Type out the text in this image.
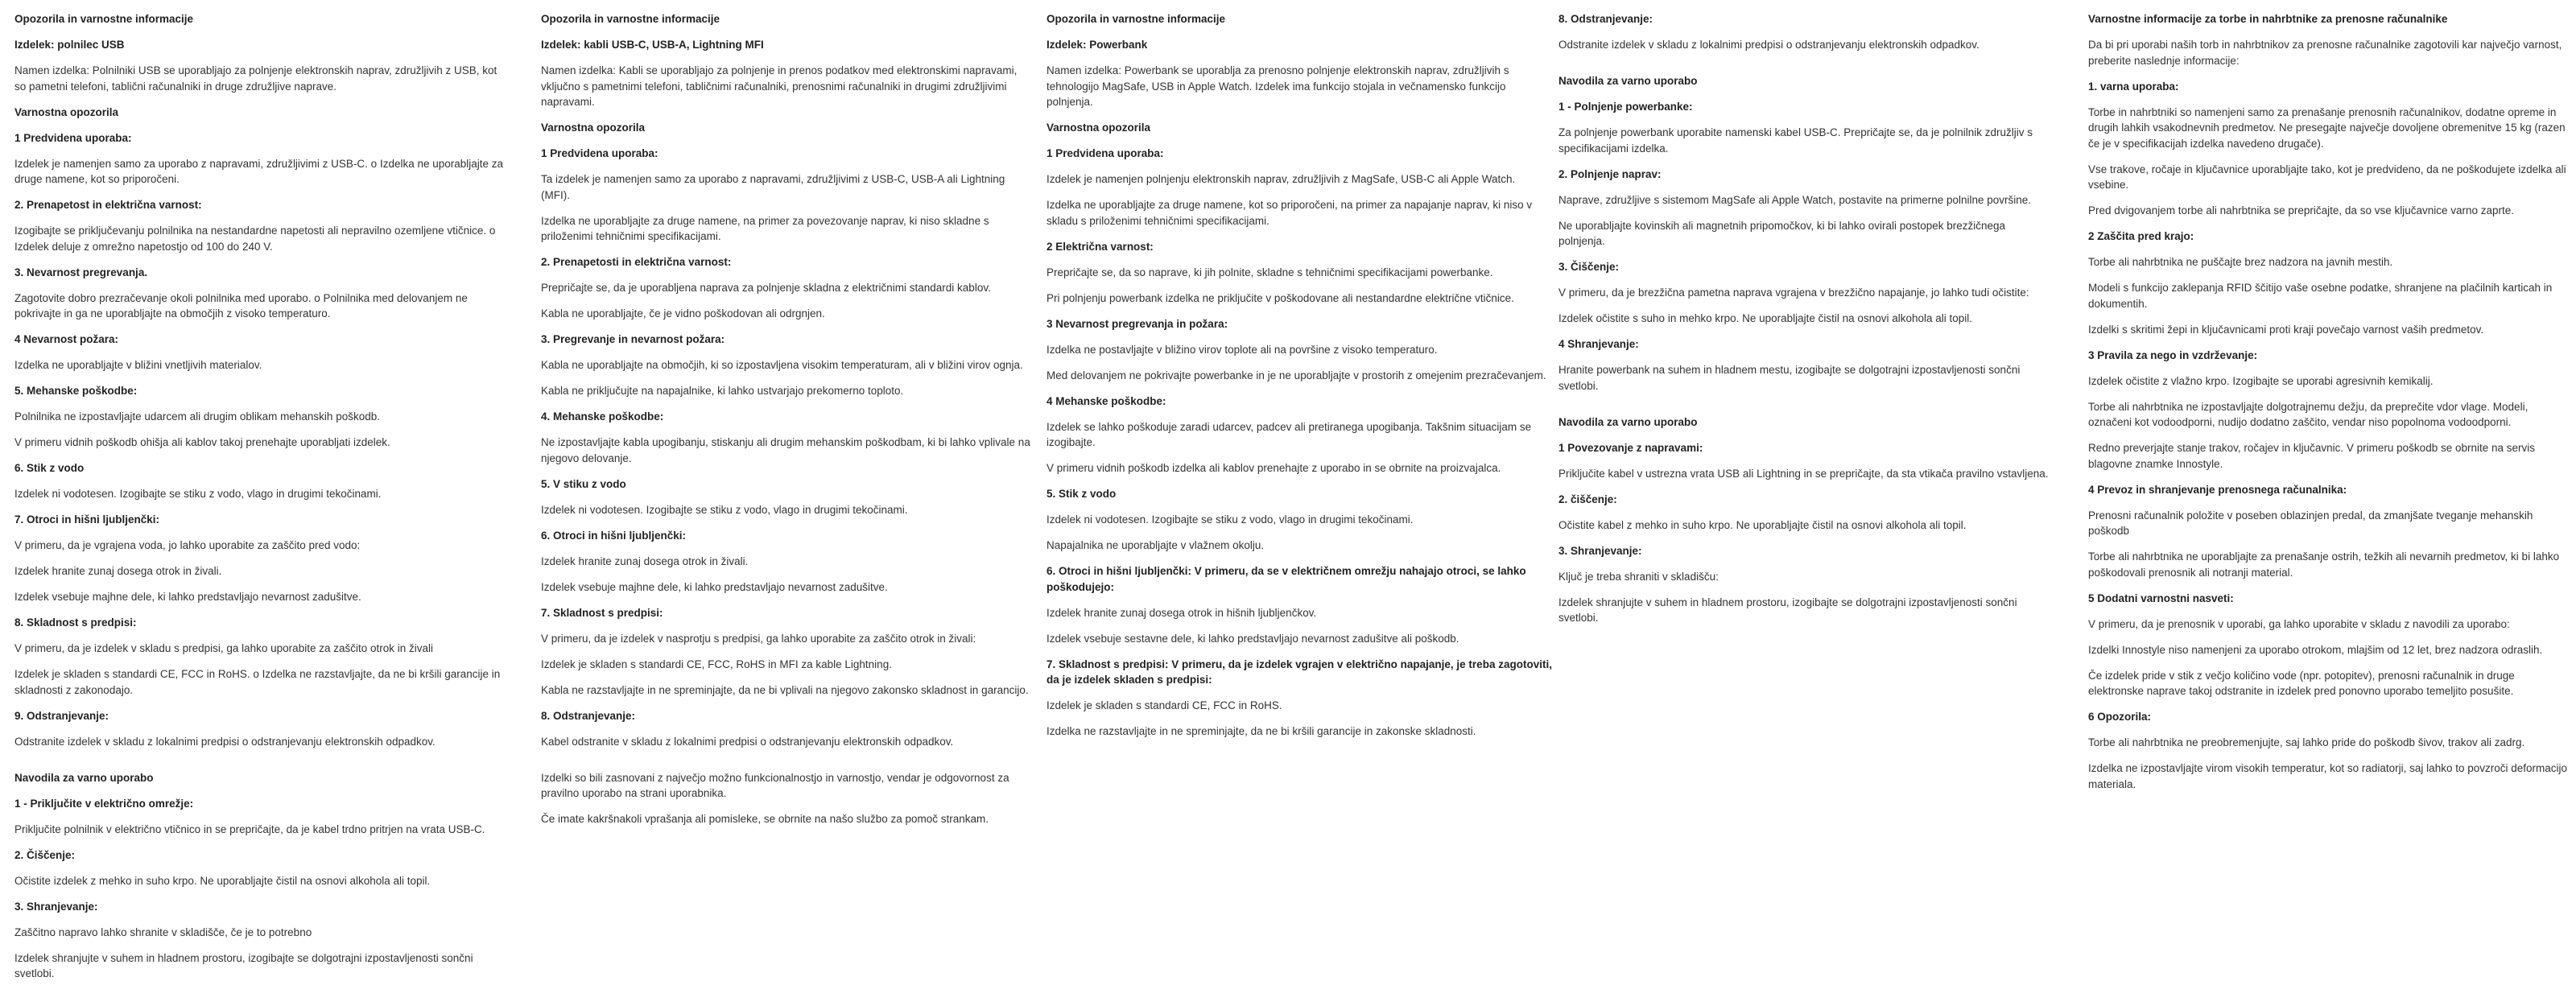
Opozorila in varnostne informacije
Izdelek: polnilec USB

Namen izdelka: Polnilniki USB se uporabljajo za polnjenje elektronskih naprav, združljivih z USB, kot so pametni telefoni, tablični računalniki in druge združljive naprave.

Varnostna opozorila
1 Predvidena uporaba:

Izdelek je namenjen samo za uporabo z napravami, združljivimi z USB-C. o Izdelka ne uporabljajte za druge namene, kot so priporočeni.

2. Prenapetost in električna varnost:

Izogibajte se priključevanju polnilnika na nestandardne napetosti ali nepravilno ozemljene vtičnice. o Izdelek deluje z omrežno napetostjo od 100 do 240 V.

3. Nevarnost pregrevanja.

Zagotovite dobro prezračevanje okoli polnilnika med uporabo. o Polnilnika med delovanjem ne pokrivajte in ga ne uporabljajte na območjih z visoko temperaturo.

4 Nevarnost požara:

Izdelka ne uporabljajte v bližini vnetljivih materialov.

5. Mehanske poškodbe:

Polnilnika ne izpostavljajte udarcem ali drugim oblikam mehanskih poškodb.

V primeru vidnih poškodb ohišja ali kablov takoj prenehajte uporabljati izdelek.

6. Stik z vodo

Izdelek ni vodotesen. Izogibajte se stiku z vodo, vlago in drugimi tekočinami.

7. Otroci in hišni ljubljenčki:

V primeru, da je vgrajena voda, jo lahko uporabite za zaščito pred vodo:

Izdelek hranite zunaj dosega otrok in živali.

Izdelek vsebuje majhne dele, ki lahko predstavljajo nevarnost zadušitve.

8. Skladnost s predpisi:

V primeru, da je izdelek v skladu s predpisi, ga lahko uporabite za zaščito otrok in živali

Izdelek je skladen s standardi CE, FCC in RoHS. o Izdelka ne razstavljajte, da ne bi kršili garancije in skladnosti z zakonodajo.

9. Odstranjevanje:

Odstranite izdelek v skladu z lokalnimi predpisi o odstranjevanju elektronskih odpadkov.

Navodila za varno uporabo
1 - Priključite v električno omrežje:

Priključite polnilnik v električno vtičnico in se prepričajte, da je kabel trdno pritrjen na vrata USB-C.

2. Čiščenje:

Očistite izdelek z mehko in suho krpo. Ne uporabljajte čistil na osnovi alkohola ali topil.

3. Shranjevanje:

Zaščitno napravo lahko shranite v skladišče, če je to potrebno

Izdelek shranjujte v suhem in hladnem prostoru, izogibajte se dolgotrajni izpostavljenosti sončni svetlobi.

Opozorila in varnostne informacije
Izdelek: kabli USB-C, USB-A, Lightning MFI

Namen izdelka: Kabli se uporabljajo za polnjenje in prenos podatkov med elektronskimi napravami, vključno s pametnimi telefoni, tabličnimi računalniki, prenosnimi računalniki in drugimi združljivimi napravami.

Varnostna opozorila
1 Predvidena uporaba:

Ta izdelek je namenjen samo za uporabo z napravami, združljivimi z USB-C, USB-A ali Lightning (MFI).

Izdelka ne uporabljajte za druge namene, na primer za povezovanje naprav, ki niso skladne s priloženimi tehničnimi specifikacijami.

2. Prenapetosti in električna varnost:

Prepričajte se, da je uporabljena naprava za polnjenje skladna z električnimi standardi kablov.

Kabla ne uporabljajte, če je vidno poškodovan ali odrgnjen.

3. Pregrevanje in nevarnost požara:

Kabla ne uporabljajte na območjih, ki so izpostavljena visokim temperaturam, ali v bližini virov ognja.

Kabla ne priključujte na napajalnike, ki lahko ustvarjajo prekomerno toploto.

4. Mehanske poškodbe:

Ne izpostavljajte kabla upogibanju, stiskanju ali drugim mehanskim poškodbam, ki bi lahko vplivale na njegovo delovanje.

5. V stiku z vodo

Izdelek ni vodotesen. Izogibajte se stiku z vodo, vlago in drugimi tekočinami.

6. Otroci in hišni ljubljenčki:

Izdelek hranite zunaj dosega otrok in živali.

Izdelek vsebuje majhne dele, ki lahko predstavljajo nevarnost zadušitve.

7. Skladnost s predpisi:

V primeru, da je izdelek v nasprotju s predpisi, ga lahko uporabite za zaščito otrok in živali:

Izdelek je skladen s standardi CE, FCC, RoHS in MFI za kable Lightning.

Kabla ne razstavljajte in ne spreminjajte, da ne bi vplivali na njegovo zakonsko skladnost in garancijo.

8. Odstranjevanje:

Kabel odstranite v skladu z lokalnimi predpisi o odstranjevanju elektronskih odpadkov.

Izdelki so bili zasnovani z največjo možno funkcionalnostjo in varnostjo, vendar je odgovornost za pravilno uporabo na strani uporabnika.

Če imate kakršnakoli vprašanja ali pomisleke, se obrnite na našo službo za pomoč strankam.

Opozorila in varnostne informacije
Izdelek: Powerbank

Namen izdelka: Powerbank se uporablja za prenosno polnjenje elektronskih naprav, združljivih s tehnologijo MagSafe, USB in Apple Watch. Izdelek ima funkcijo stojala in večnamensko funkcijo polnjenja.

Varnostna opozorila
1 Predvidena uporaba:

Izdelek je namenjen polnjenju elektronskih naprav, združljivih z MagSafe, USB-C ali Apple Watch.

Izdelka ne uporabljajte za druge namene, kot so priporočeni, na primer za napajanje naprav, ki niso v skladu s priloženimi tehničnimi specifikacijami.

2 Električna varnost:

Prepričajte se, da so naprave, ki jih polnite, skladne s tehničnimi specifikacijami powerbanke.

Pri polnjenju powerbank izdelka ne priključite v poškodovane ali nestandardne električne vtičnice.

3 Nevarnost pregrevanja in požara:

Izdelka ne postavljajte v bližino virov toplote ali na površine z visoko temperaturo.

Med delovanjem ne pokrivajte powerbanke in je ne uporabljajte v prostorih z omejenim prezračevanjem.

4 Mehanske poškodbe:

Izdelek se lahko poškoduje zaradi udarcev, padcev ali pretiranega upogibanja. Takšnim situacijam se izogibajte.

V primeru vidnih poškodb izdelka ali kablov prenehajte z uporabo in se obrnite na proizvajalca.

5. Stik z vodo

Izdelek ni vodotesen. Izogibajte se stiku z vodo, vlago in drugimi tekočinami.

Napajalnika ne uporabljajte v vlažnem okolju.

6. Otroci in hišni ljubljenčki: V primeru, da se v električnem omrežju nahajajo otroci, se lahko poškodujejo:

Izdelek hranite zunaj dosega otrok in hišnih ljubljenčkov.

Izdelek vsebuje sestavne dele, ki lahko predstavljajo nevarnost zadušitve ali poškodb.

7. Skladnost s predpisi: V primeru, da je izdelek vgrajen v električno napajanje, je treba zagotoviti, da je izdelek skladen s predpisi:

Izdelek je skladen s standardi CE, FCC in RoHS.

Izdelka ne razstavljajte in ne spreminjajte, da ne bi kršili garancije in zakonske skladnosti.

8. Odstranjevanje:

Odstranite izdelek v skladu z lokalnimi predpisi o odstranjevanju elektronskih odpadkov.

Navodila za varno uporabo
1 - Polnjenje powerbanke:

Za polnjenje powerbank uporabite namenski kabel USB-C. Prepričajte se, da je polnilnik združljiv s specifikacijami izdelka.

2. Polnjenje naprav:

Naprave, združljive s sistemom MagSafe ali Apple Watch, postavite na primerne polnilne površine.

Ne uporabljajte kovinskih ali magnetnih pripomočkov, ki bi lahko ovirali postopek brezžičnega polnjenja.

3. Čiščenje:

V primeru, da je brezžična pametna naprava vgrajena v brezžično napajanje, jo lahko tudi očistite:

Izdelek očistite s suho in mehko krpo. Ne uporabljajte čistil na osnovi alkohola ali topil.

4 Shranjevanje:

Hranite powerbank na suhem in hladnem mestu, izogibajte se dolgotrajni izpostavljenosti sončni svetlobi.

Navodila za varno uporabo
1 Povezovanje z napravami:

Priključite kabel v ustrezna vrata USB ali Lightning in se prepričajte, da sta vtikača pravilno vstavljena.

2. čiščenje:

Očistite kabel z mehko in suho krpo. Ne uporabljajte čistil na osnovi alkohola ali topil.

3. Shranjevanje:

Ključ je treba shraniti v skladišču:

Izdelek shranjujte v suhem in hladnem prostoru, izogibajte se dolgotrajni izpostavljenosti sončni svetlobi.

Varnostne informacije za torbe in nahrbtnike za prenosne računalnike

Da bi pri uporabi naših torb in nahrbtnikov za prenosne računalnike zagotovili kar največjo varnost, preberite naslednje informacije:

1. varna uporaba:

Torbe in nahrbtniki so namenjeni samo za prenašanje prenosnih računalnikov, dodatne opreme in drugih lahkih vsakodnevnih predmetov. Ne presegajte največje dovoljene obremenitve 15 kg (razen če je v specifikacijah izdelka navedeno drugače).

Vse trakove, ročaje in ključavnice uporabljajte tako, kot je predvideno, da ne poškodujete izdelka ali vsebine.

Pred dvigovanjem torbe ali nahrbtnika se prepričajte, da so vse ključavnice varno zaprte.

2 Zaščita pred krajo:

Torbe ali nahrbtnika ne puščajte brez nadzora na javnih mestih.

Modeli s funkcijo zaklepanja RFID ščitijo vaše osebne podatke, shranjene na plačilnih karticah in dokumentih.

Izdelki s skritimi žepi in ključavnicami proti kraji povečajo varnost vaših predmetov.

3 Pravila za nego in vzdrževanje:

Izdelek očistite z vlažno krpo. Izogibajte se uporabi agresivnih kemikalij.

Torbe ali nahrbtnika ne izpostavljajte dolgotrajnemu dežju, da preprečite vdor vlage. Modeli, označeni kot vodoodporni, nudijo dodatno zaščito, vendar niso popolnoma vodoodporni.

Redno preverjajte stanje trakov, ročajev in ključavnic. V primeru poškodb se obrnite na servis blagovne znamke Innostyle.

4 Prevoz in shranjevanje prenosnega računalnika:

Prenosni računalnik položite v poseben oblazinjen predal, da zmanjšate tveganje mehanskih poškodb

Torbe ali nahrbtnika ne uporabljajte za prenašanje ostrih, težkih ali nevarnih predmetov, ki bi lahko poškodovali prenosnik ali notranji material.

5 Dodatni varnostni nasveti:

V primeru, da je prenosnik v uporabi, ga lahko uporabite v skladu z navodili za uporabo:

Izdelki Innostyle niso namenjeni za uporabo otrokom, mlajšim od 12 let, brez nadzora odraslih.

Če izdelek pride v stik z večjo količino vode (npr. potopitev), prenosni računalnik in druge elektronske naprave takoj odstranite in izdelek pred ponovno uporabo temeljito posušite.

6 Opozorila:

Torbe ali nahrbtnika ne preobremenjujte, saj lahko pride do poškodb šivov, trakov ali zadrg.

Izdelka ne izpostavljajte virom visokih temperatur, kot so radiatorji, saj lahko to povzroči deformacijo materiala.
